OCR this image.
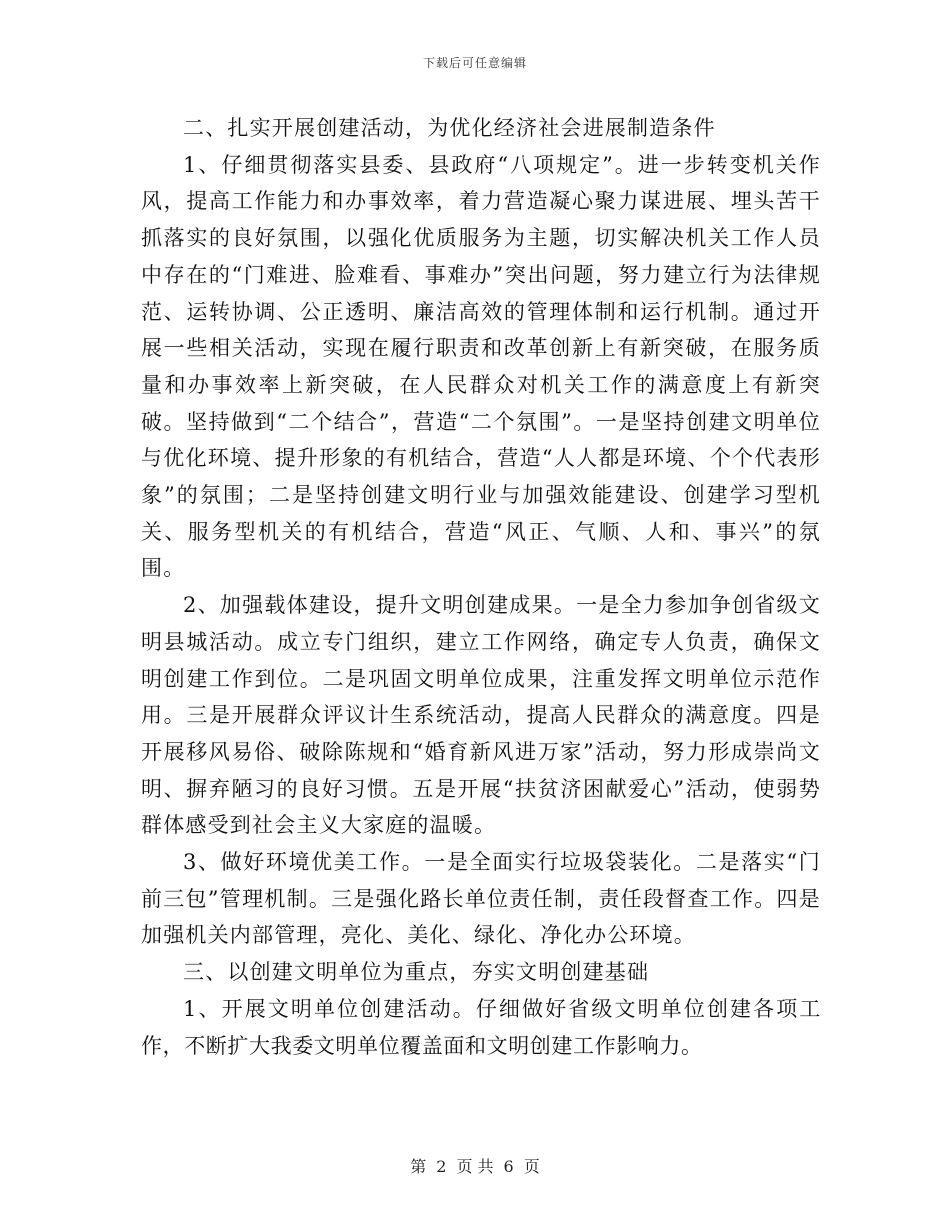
下载后可任意编辑

二、扎实开展创建活动，为优化经济社会进展制造条件

1、仔细贯彻落实县委、县政府“八项规定”。进一步转变机关作风，提高工作能力和办事效率，着力营造凝心聚力谋进展、埋头苦干抓落实的良好氛围，以强化优质服务为主题，切实解决机关工作人员中存在的“门难进、脸难看、事难办”突出问题，努力建立行为法律规范、运转协调、公正透明、廉洁高效的管理体制和运行机制。通过开展一些相关活动，实现在履行职责和改革创新上有新突破，在服务质量和办事效率上新突破，在人民群众对机关工作的满意度上有新突破。坚持做到“二个结合”，营造“二个氛围”。一是坚持创建文明单位与优化环境、提升形象的有机结合，营造“人人都是环境、个个代表形象”的氛围；二是坚持创建文明行业与加强效能建设、创建学习型机关、服务型机关的有机结合，营造“风正、气顺、人和、事兴”的氛围。

2、加强载体建设，提升文明创建成果。一是全力参加争创省级文明县城活动。成立专门组织，建立工作网络，确定专人负责，确保文明创建工作到位。二是巩固文明单位成果，注重发挥文明单位示范作用。三是开展群众评议计生系统活动，提高人民群众的满意度。四是开展移风易俗、破除陈规和“婚育新风进万家”活动，努力形成崇尚文明、摒弃陋习的良好习惯。五是开展“扶贫济困献爱心”活动，使弱势群体感受到社会主义大家庭的温暖。

3、做好环境优美工作。一是全面实行垃圾袋装化。二是落实“门前三包”管理机制。三是强化路长单位责任制，责任段督查工作。四是加强机关内部管理，亮化、美化、绿化、净化办公环境。

三、以创建文明单位为重点，夯实文明创建基础

1、开展文明单位创建活动。仔细做好省级文明单位创建各项工作，不断扩大我委文明单位覆盖面和文明创建工作影响力。

第 2 页 共 6 页
